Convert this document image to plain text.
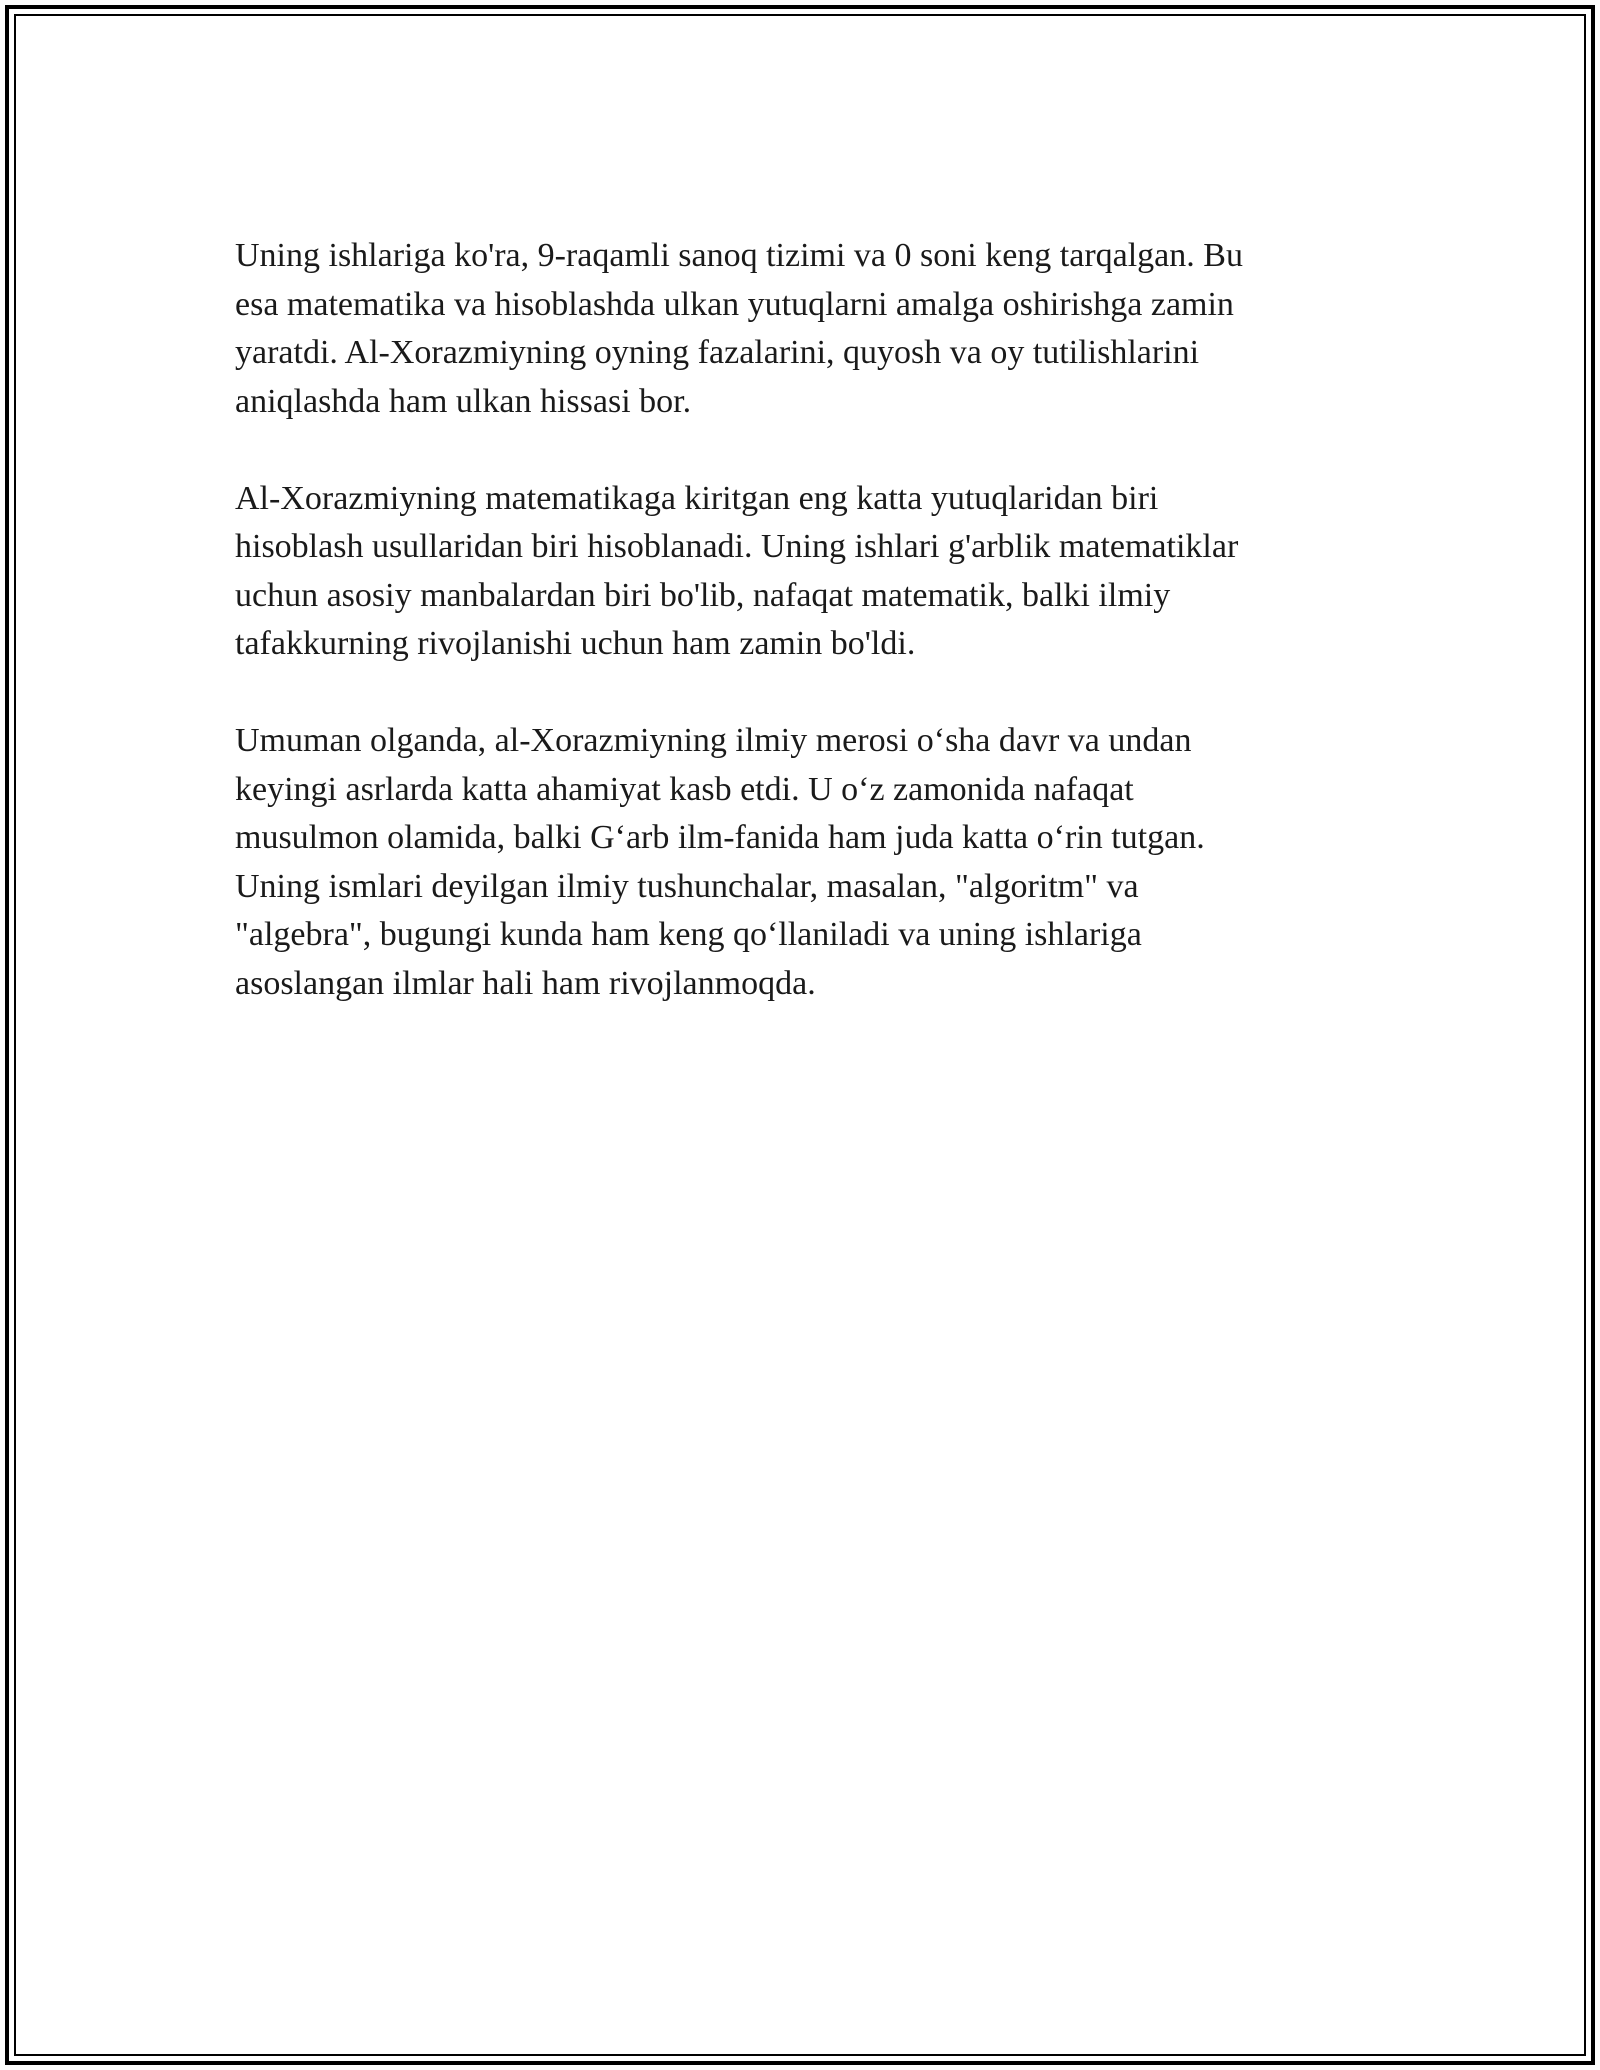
Uning ishlariga ko'ra, 9-raqamli sanoq tizimi va 0 soni keng tarqalgan. Bu
esa matematika va hisoblashda ulkan yutuqlarni amalga oshirishga zamin
yaratdi. Al-Xorazmiyning oyning fazalarini, quyosh va oy tutilishlarini
aniqlashda ham ulkan hissasi bor.

Al-Xorazmiyning matematikaga kiritgan eng katta yutuqlaridan biri
hisoblash usullaridan biri hisoblanadi. Uning ishlari g'arblik matematiklar
uchun asosiy manbalardan biri bo'lib, nafaqat matematik, balki ilmiy
tafakkurning rivojlanishi uchun ham zamin bo'ldi.

Umuman olganda, al-Xorazmiyning ilmiy merosi o‘sha davr va undan
keyingi asrlarda katta ahamiyat kasb etdi. U o‘z zamonida nafaqat
musulmon olamida, balki G‘arb ilm-fanida ham juda katta o‘rin tutgan.
Uning ismlari deyilgan ilmiy tushunchalar, masalan, "algoritm" va
"algebra", bugungi kunda ham keng qo‘llaniladi va uning ishlariga
asoslangan ilmlar hali ham rivojlanmoqda.
